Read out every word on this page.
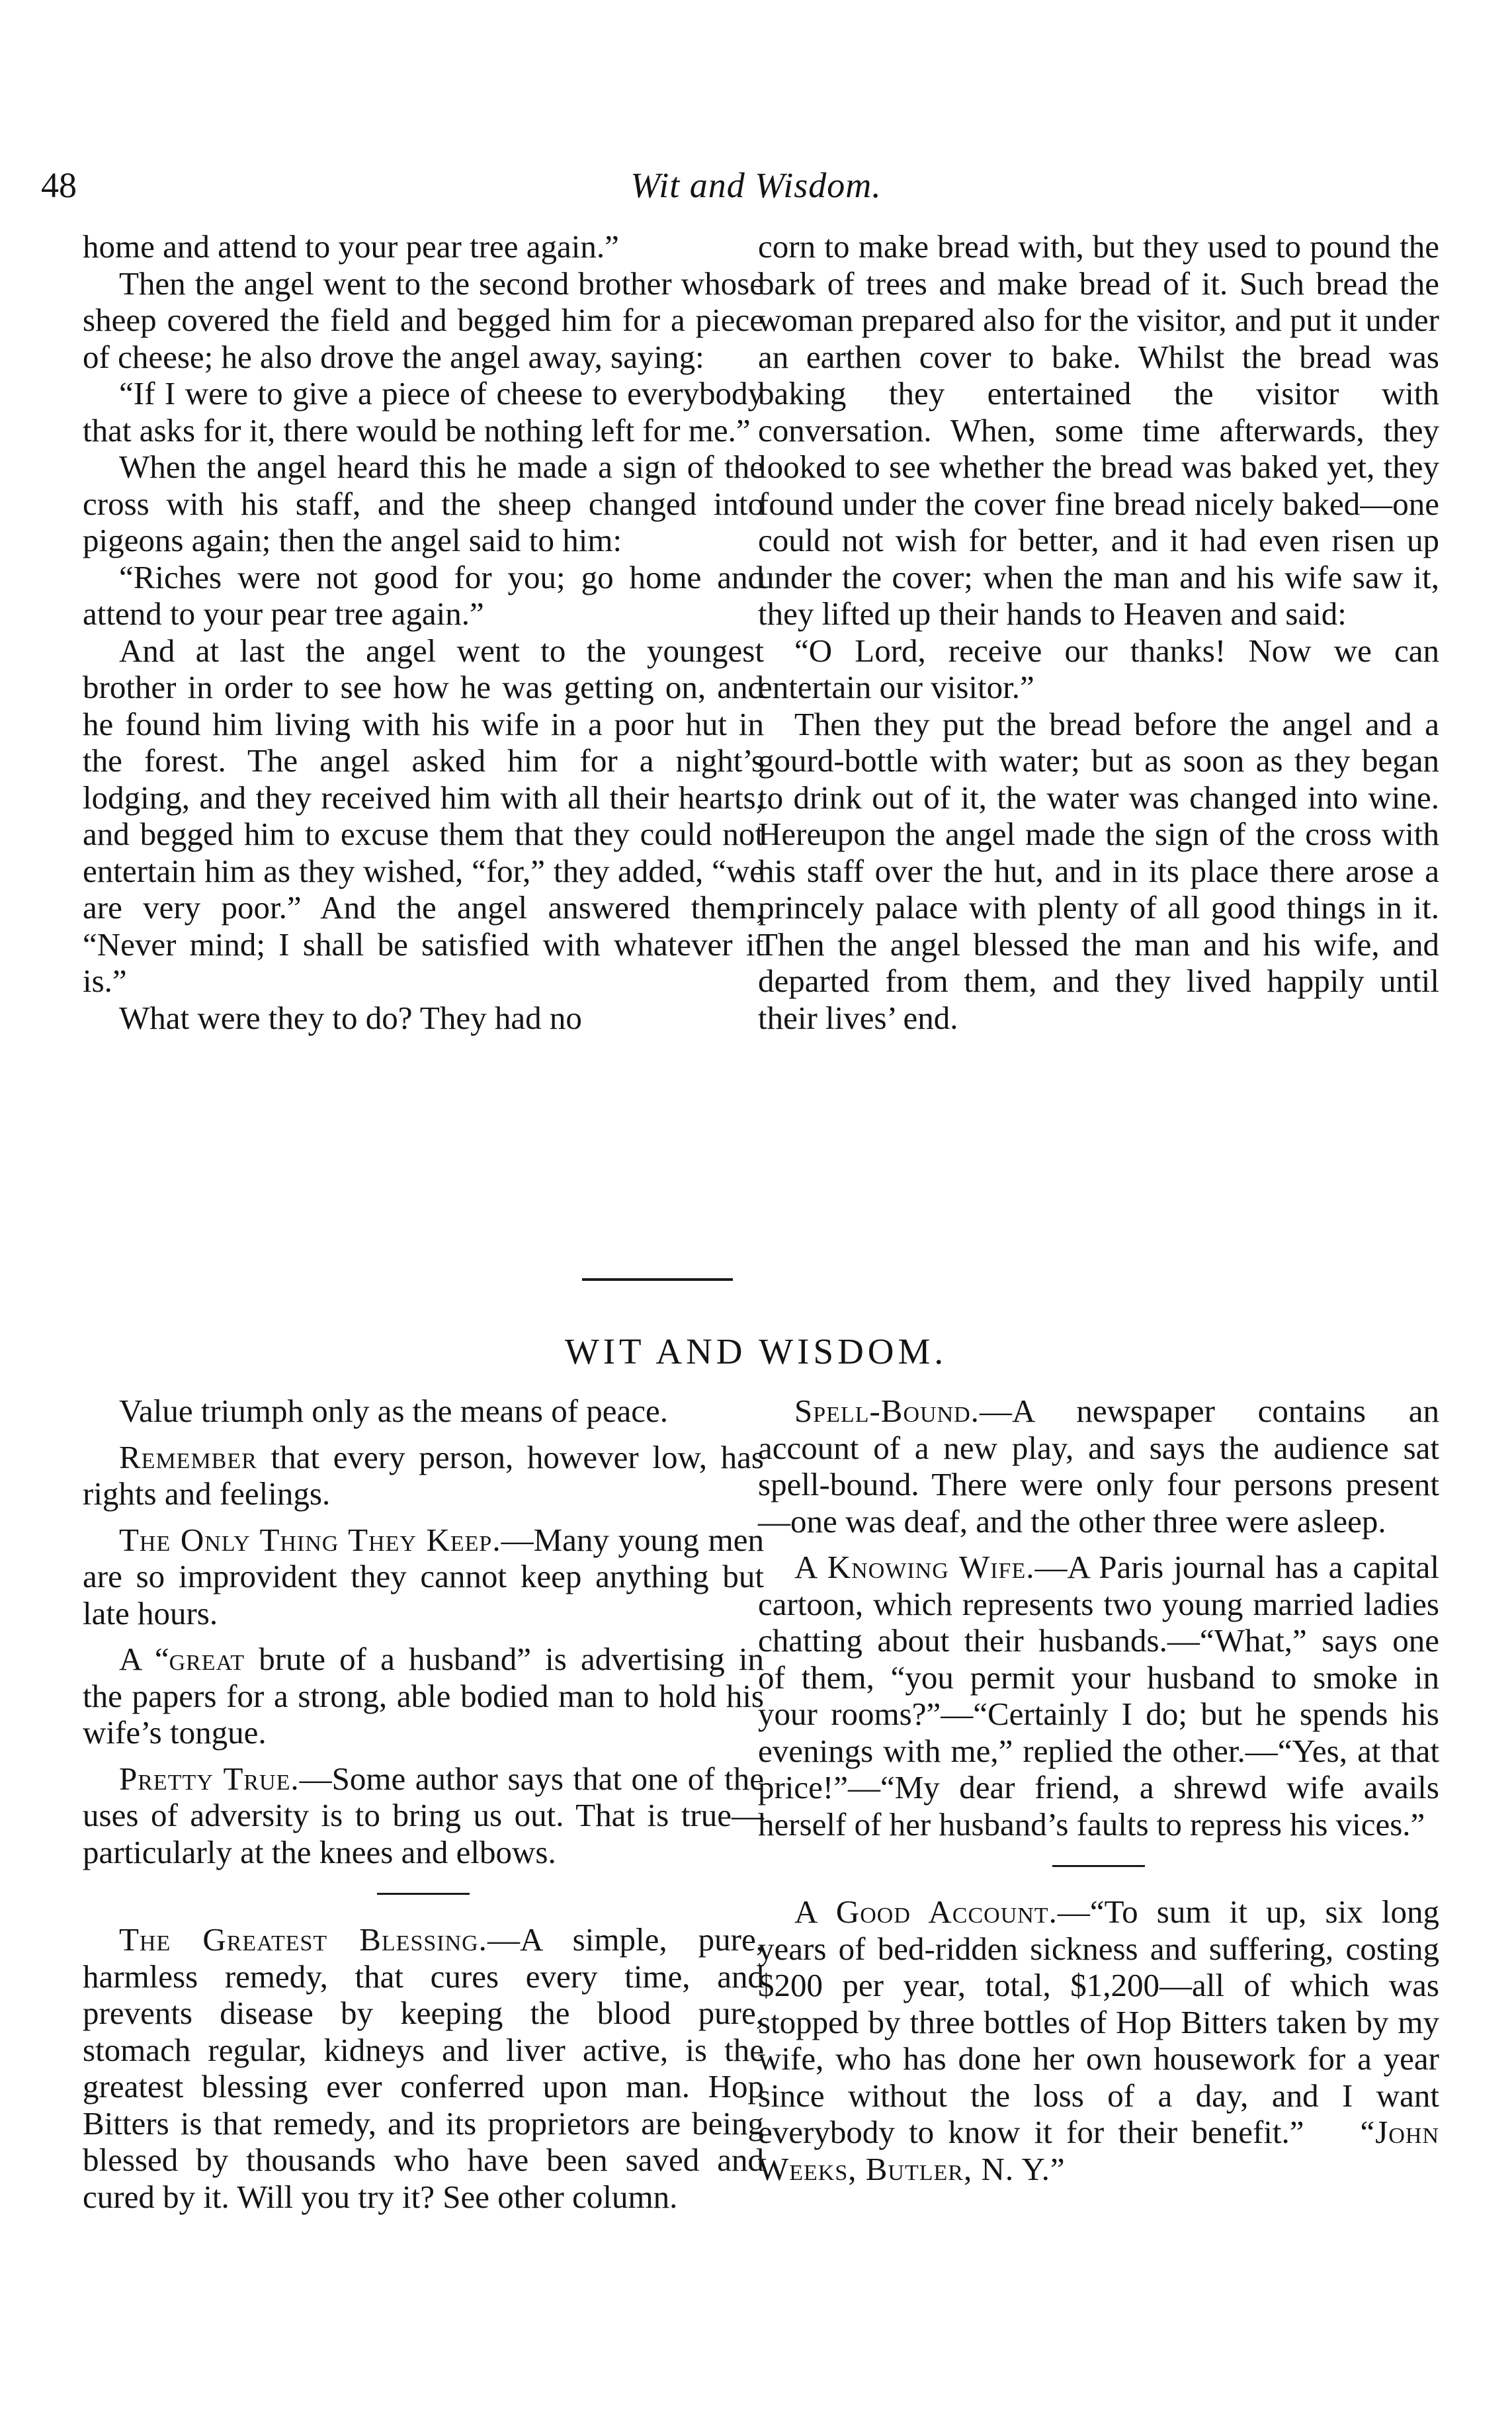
48	Wit and Wisdom.

home and attend to your pear tree again.”

Then the angel went to the second brother whose sheep covered the field and begged him for a piece of cheese; he also drove the angel away, saying:

“If I were to give a piece of cheese to everybody that asks for it, there would be nothing left for me.”

When the angel heard this he made a sign of the cross with his staff, and the sheep changed into pigeons again; then the angel said to him:

“Riches were not good for you; go home and attend to your pear tree again.”

And at last the angel went to the youngest brother in order to see how he was getting on, and he found him living with his wife in a poor hut in the forest. The angel asked him for a night’s lodging, and they received him with all their hearts, and begged him to excuse them that they could not entertain him as they wished, “for,” they added, “we are very poor.” And the angel answered them, “Never mind; I shall be satisfied with whatever it is.”

What were they to do? They had no

corn to make bread with, but they used to pound the bark of trees and make bread of it. Such bread the woman prepared also for the visitor, and put it under an earthen cover to bake. Whilst the bread was baking they entertained the visitor with conversation. When, some time afterwards, they looked to see whether the bread was baked yet, they found under the cover fine bread nicely baked—one could not wish for better, and it had even risen up under the cover; when the man and his wife saw it, they lifted up their hands to Heaven and said:

“O Lord, receive our thanks! Now we can entertain our visitor.”

Then they put the bread before the angel and a gourd-bottle with water; but as soon as they began to drink out of it, the water was changed into wine. Hereupon the angel made the sign of the cross with his staff over the hut, and in its place there arose a princely palace with plenty of all good things in it. Then the angel blessed the man and his wife, and departed from them, and they lived happily until their lives’ end.

WIT AND WISDOM.

Value triumph only as the means of peace.

Remember that every person, however low, has rights and feelings.

The Only Thing They Keep.—Many young men are so improvident they cannot keep anything but late hours.

A “great brute of a husband” is advertising in the papers for a strong, able bodied man to hold his wife’s tongue.

Pretty True.—Some author says that one of the uses of adversity is to bring us out. That is true—particularly at the knees and elbows.

The Greatest Blessing.—A simple, pure, harmless remedy, that cures every time, and prevents disease by keeping the blood pure, stomach regular, kidneys and liver active, is the greatest blessing ever conferred upon man. Hop Bitters is that remedy, and its proprietors are being blessed by thousands who have been saved and cured by it. Will you try it? See other column.

Spell-Bound.—A newspaper contains an account of a new play, and says the audience sat spell-bound. There were only four persons present—one was deaf, and the other three were asleep.

A Knowing Wife.—A Paris journal has a capital cartoon, which represents two young married ladies chatting about their husbands.—“What,” says one of them, “you permit your husband to smoke in your rooms?”—“Certainly I do; but he spends his evenings with me,” replied the other.—“Yes, at that price!”—“My dear friend, a shrewd wife avails herself of her husband’s faults to repress his vices.”

A Good Account.—“To sum it up, six long years of bed-ridden sickness and suffering, costing $200 per year, total, $1,200—all of which was stopped by three bottles of Hop Bitters taken by my wife, who has done her own housework for a year since without the loss of a day, and I want everybody to know it for their benefit.” “John Weeks, Butler, N. Y.”
